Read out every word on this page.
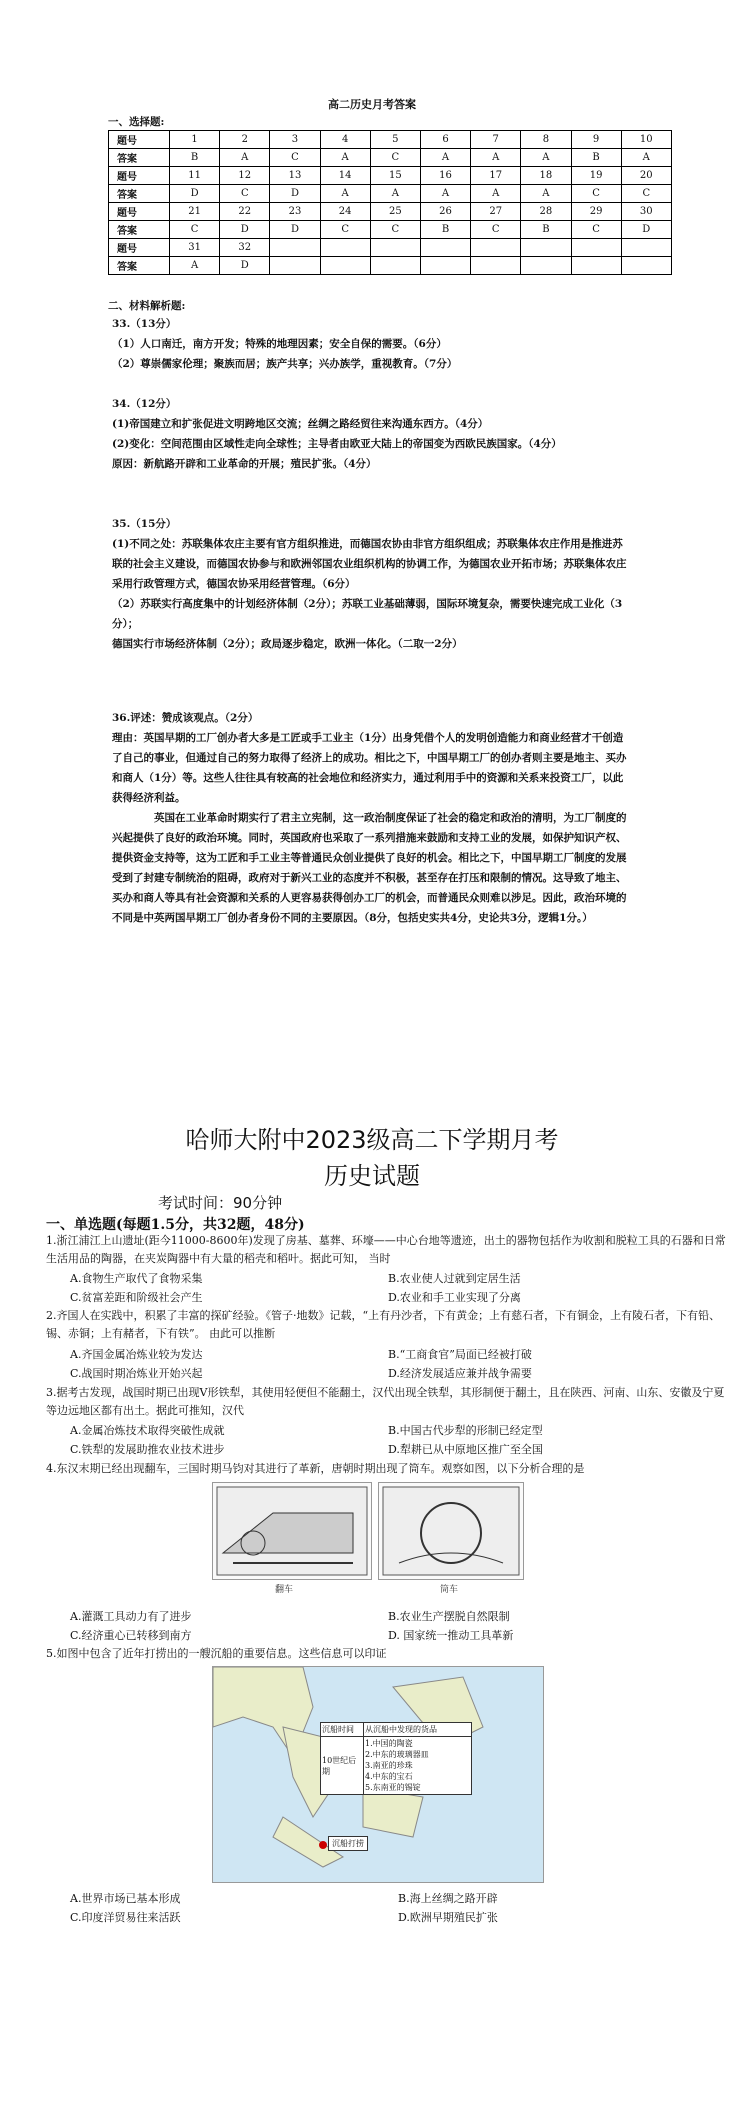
高二历史月考答案
一、选择题:
题号	1	2	3	4	5	6	7	8	9	10
答案	B	A	C	A	C	A	A	A	B	A
题号	11	12	13	14	15	16	17	18	19	20
答案	D	C	D	A	A	A	A	A	C	C
题号	21	22	23	24	25	26	27	28	29	30
答案	C	D	D	C	C	B	C	B	C	D
题号	31	32								
答案	A	D								
二、材料解析题:
33.（13分）
（1）人口南迁，南方开发；特殊的地理因素；安全自保的需要。（6分）
（2）尊崇儒家伦理；聚族而居；族产共享；兴办族学，重视教育。（7分）
34.（12分）
(1)帝国建立和扩张促进文明跨地区交流；丝绸之路经贸往来沟通东西方。（4分）
(2)变化：空间范围由区域性走向全球性；主导者由欧亚大陆上的帝国变为西欧民族国家。（4分）
原因：新航路开辟和工业革命的开展；殖民扩张。（4分）
35.（15分）
(1)不同之处：苏联集体农庄主要有官方组织推进，而德国农协由非官方组织组成；苏联集体农庄作用是推进苏联的社会主义建设，而德国农协参与和欧洲邻国农业组织机构的协调工作，为德国农业开拓市场；苏联集体农庄采用行政管理方式，德国农协采用经营管理。（6分）
（2）苏联实行高度集中的计划经济体制（2分）；苏联工业基础薄弱，国际环境复杂，需要快速完成工业化（3分）；
德国实行市场经济体制（2分）；政局逐步稳定，欧洲一体化。（二取一2分）

36.评述：赞成该观点。（2分）

理由：英国早期的工厂创办者大多是工匠或手工业主（1分）出身凭借个人的发明创造能力和商业经营才干创造了自己的事业，但通过自己的努力取得了经济上的成功。相比之下，中国早期工厂的创办者则主要是地主、买办和商人（1分）等。这些人往往具有较高的社会地位和经济实力，通过利用手中的资源和关系来投资工厂，以此获得经济利益。

英国在工业革命时期实行了君主立宪制，这一政治制度保证了社会的稳定和政治的清明，为工厂制度的兴起提供了良好的政治环境。同时，英国政府也采取了一系列措施来鼓励和支持工业的发展，如保护知识产权、提供资金支持等，这为工匠和手工业主等普通民众创业提供了良好的机会。相比之下，中国早期工厂制度的发展受到了封建专制统治的阻碍，政府对于新兴工业的态度并不积极，甚至存在打压和限制的情况。这导致了地主、买办和商人等具有社会资源和关系的人更容易获得创办工厂的机会，而普通民众则难以涉足。因此，政治环境的不同是中英两国早期工厂创办者身份不同的主要原因。（8分，包括史实共4分，史论共3分，逻辑1分。）

哈师大附中2023级高二下学期月考
历史试题
考试时间：90分钟
一、单选题(每题1.5分，共32题，48分)
1.浙江浦江上山遗址(距今11000-8600年)发现了房基、墓葬、环壕——中心台地等遗迹，出土的器物包括作为收割和脱粒工具的石器和日常生活用品的陶器，在夹炭陶器中有大量的稻壳和稻叶。据此可知， 当时
A.食物生产取代了食物采集	B.农业使人过就到定居生活
C.贫富差距和阶级社会产生	D.农业和手工业实现了分离
2.齐国人在实践中，积累了丰富的探矿经验。《管子·地数》记载，“上有丹沙者，下有黄金；上有慈石者，下有铜金，上有陵石者，下有铅、锡、赤铜；上有赭者，下有铁”。 由此可以推断
A.齐国金属冶炼业较为发达	B.“工商食官”局面已经被打破
C.战国时期冶炼业开始兴起	D.经济发展适应兼并战争需要
3.据考古发现，战国时期已出现V形铁犁，其使用轻便但不能翻土，汉代出现全铁犁，其形制便于翻土，且在陕西、河南、山东、安徽及宁夏等边远地区都有出土。据此可推知，汉代
A.金属冶炼技术取得突破性成就	B.中国古代步犁的形制已经定型
C.铁犁的发展助推农业技术进步	D.犁耕已从中原地区推广至全国
4.东汉末期已经出现翻车，三国时期马钧对其进行了革新，唐朝时期出现了筒车。观察如图，以下分析合理的是
翻车	筒车
A.灌溉工具动力有了进步	B.农业生产摆脱自然限制
C.经济重心已转移到南方	D. 国家统一推动工具革新
5.如图中包含了近年打捞出的一艘沉船的重要信息。这些信息可以印证
沉船时间	从沉船中发现的货品
10世纪后期
1.中国的陶瓷
2.中东的玻璃器皿
3.南亚的珍珠
4.中东的宝石
5.东南亚的锡锭
沉船打捞
A.世界市场已基本形成	B.海上丝绸之路开辟
C.印度洋贸易往来活跃	D.欧洲早期殖民扩张
